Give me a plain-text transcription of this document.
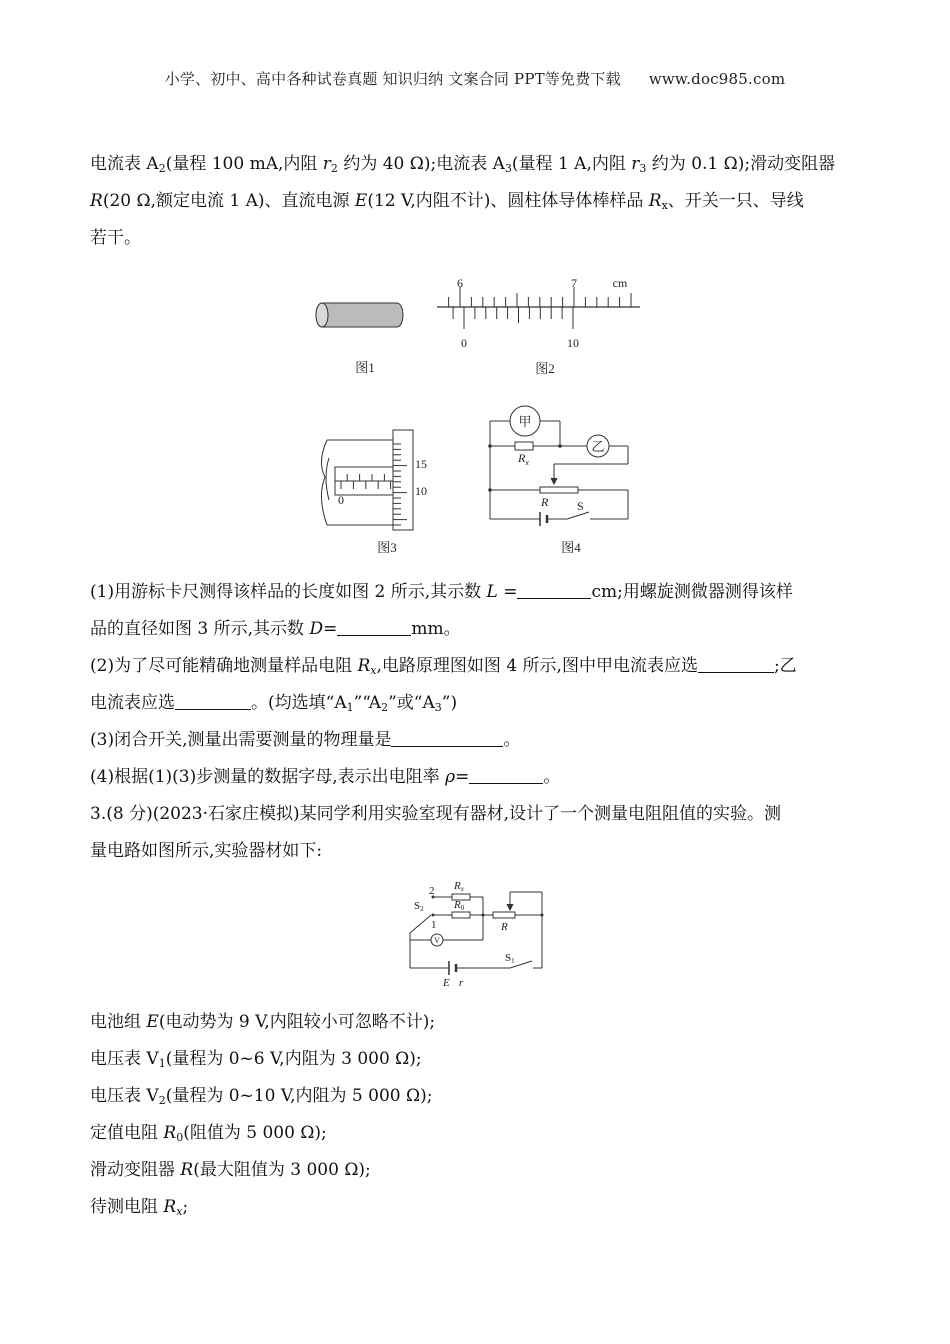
小学、初中、高中各种试卷真题 知识归纳 文案合同 PPT等免费下载 www.doc985.com
电流表 $A_2$(量程 100 mA,内阻 $r_2$ 约为 40 Ω);电流表 $A_3$(量程 1 A,内阻 $r_3$ 约为 0.1 Ω);滑动变阻器
R(20 Ω,额定电流 1 A)、直流电源 E(12 V,内阻不计)、圆柱体导体棒样品 $R_x$、开关一只、导线
若干。
图1
6	7	cm
0	10
图2
15
10
0
图3
甲
乙
$R_x$
R S
图4
(1)用游标卡尺测得该样品的长度如图 2 所示,其示数 L =	cm;用螺旋测微器测得该样
品的直径如图 3 所示,其示数 D=	mm。
(2)为了尽可能精确地测量样品电阻 $R_x$,电路原理图如图 4 所示,图中甲电流表应选	;乙
电流表应选	。(均选填“$A_1”“A_2$”或“$A_3$”)
(3)闭合开关,测量出需要测量的物理量是	。
(4)根据(1)(3)步测量的数据字母,表示出电阻率 ρ=	。
3.(8 分)(2023·石家庄模拟)某同学利用实验室现有器材,设计了一个测量电阻阻值的实验。测
量电路如图所示,实验器材如下:
V
S2
2
1
Rx
R0
R
S1
E r
电池组 E(电动势为 9 V,内阻较小可忽略不计);
电压表 $V_1$(量程为 0~6 V,内阻为 3 000 Ω);
电压表 $V_2$(量程为 0~10 V,内阻为 5 000 Ω);
定值电阻 $R_0$(阻值为 5 000 Ω);
滑动变阻器 R(最大阻值为 3 000 Ω);
待测电阻 $R_x$;
